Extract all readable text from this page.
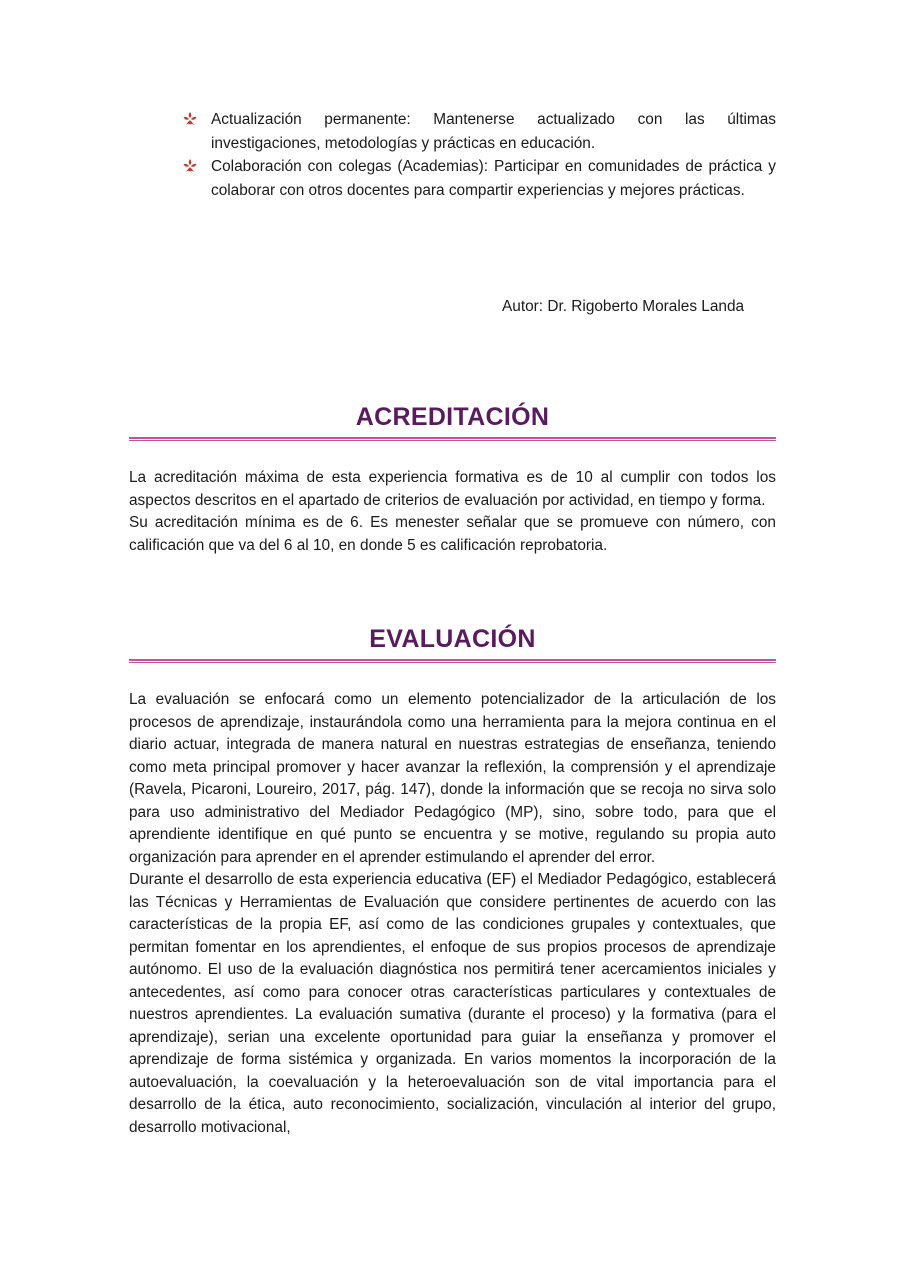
Actualización permanente: Mantenerse actualizado con las últimas investigaciones, metodologías y prácticas en educación.
Colaboración con colegas (Academias): Participar en comunidades de práctica y colaborar con otros docentes para compartir experiencias y mejores prácticas.

Autor: Dr. Rigoberto Morales Landa

ACREDITACIÓN

La acreditación máxima de esta experiencia formativa es de 10 al cumplir con todos los aspectos descritos en el apartado de criterios de evaluación por actividad, en tiempo y forma.

Su acreditación mínima es de 6. Es menester señalar que se promueve con número, con calificación que va del 6 al 10, en donde 5 es calificación reprobatoria.

EVALUACIÓN

La evaluación se enfocará como un elemento potencializador de la articulación de los procesos de aprendizaje, instaurándola como una herramienta para la mejora continua en el diario actuar, integrada de manera natural en nuestras estrategias de enseñanza, teniendo como meta principal promover y hacer avanzar la reflexión, la comprensión y el aprendizaje (Ravela, Picaroni, Loureiro, 2017, pág. 147), donde la información que se recoja no sirva solo para uso administrativo del Mediador Pedagógico (MP), sino, sobre todo, para que el aprendiente identifique en qué punto se encuentra y se motive, regulando su propia auto organización para aprender en el aprender estimulando el aprender del error.

Durante el desarrollo de esta experiencia educativa (EF) el Mediador Pedagógico, establecerá las Técnicas y Herramientas de Evaluación que considere pertinentes de acuerdo con las características de la propia EF, así como de las condiciones grupales y contextuales, que permitan fomentar en los aprendientes, el enfoque de sus propios procesos de aprendizaje autónomo. El uso de la evaluación diagnóstica nos permitirá tener acercamientos iniciales y antecedentes, así como para conocer otras características particulares y contextuales de nuestros aprendientes. La evaluación sumativa (durante el proceso) y la formativa (para el aprendizaje), serian una excelente oportunidad para guiar la enseñanza y promover el aprendizaje de forma sistémica y organizada. En varios momentos la incorporación de la autoevaluación, la coevaluación y la heteroevaluación son de vital importancia para el desarrollo de la ética, auto reconocimiento, socialización, vinculación al interior del grupo, desarrollo motivacional,
